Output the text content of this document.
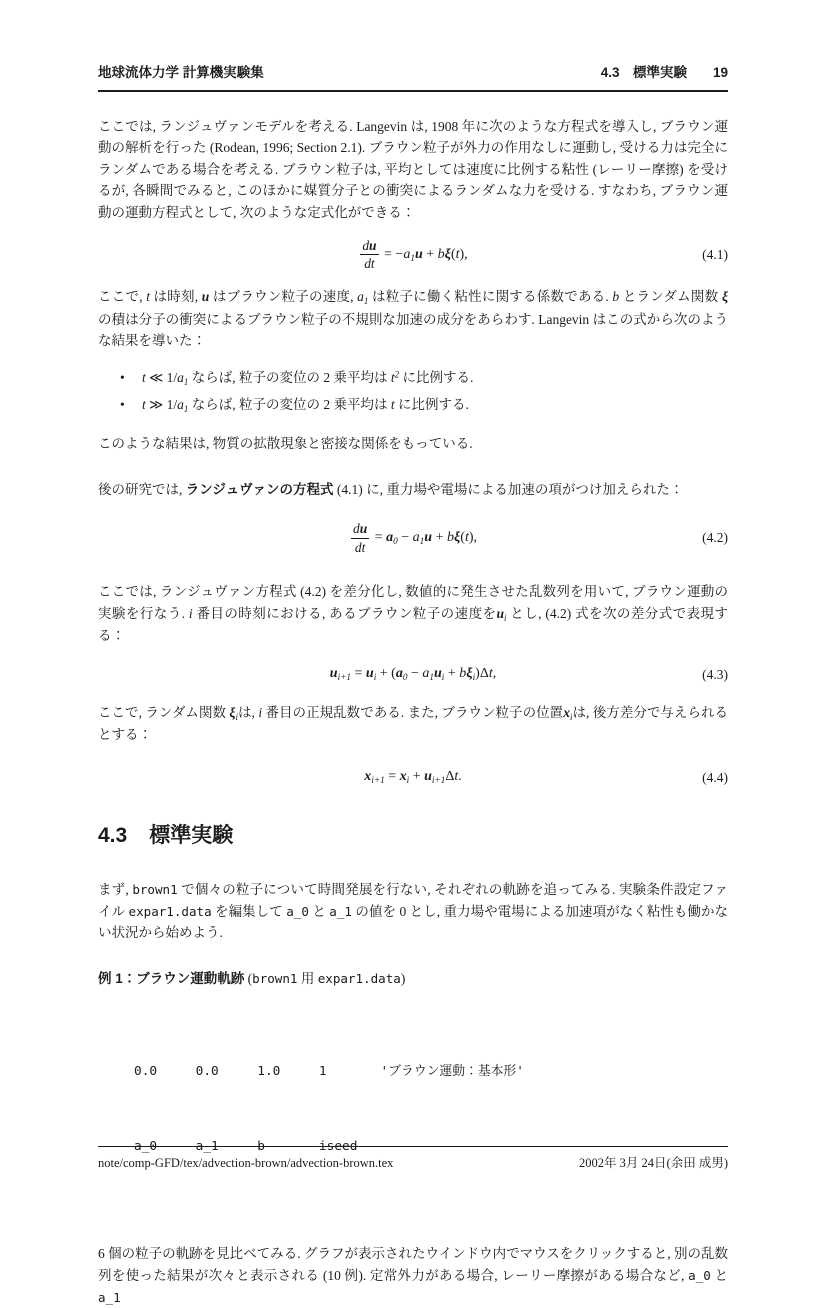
地球流体力学 計算機実験集	4.3　標準実験 19

ここでは, ランジュヴァンモデルを考える. Langevin は, 1908 年に次のような方程式を導入し, ブラウン運動の解析を行った (Rodean, 1996; Section 2.1). ブラウン粒子が外力の作用なしに運動し, 受ける力は完全にランダムである場合を考える. ブラウン粒子は, 平均としては速度に比例する粘性 (レーリー摩擦) を受けるが, 各瞬間でみると, このほかに媒質分子との衝突によるランダムな力を受ける. すなわち, ブラウン運動の運動方程式として, 次のような定式化ができる：

$\frac{du}{dt} = -a_1u + b\xi(t)$,	(4.1)

ここで, t は時刻, u はブラウン粒子の速度, $a_1$ は粒子に働く粘性に関する係数である. b とランダム関数 ξの積は分子の衝突によるブラウン粒子の不規則な加速の成分をあらわす. Langevin はこの式から次のような結果を導いた：

•	t ≪ $1/a_1$ ならば, 粒子の変位の 2 乗平均は $t^2$ に比例する.
•	t ≫ $1/a_1$ ならば, 粒子の変位の 2 乗平均は t に比例する.

このような結果は, 物質の拡散現象と密接な関係をもっている.

後の研究では, ランジュヴァンの方程式 (4.1) に, 重力場や電場による加速の項がつけ加えられた：

$\frac{du}{dt} = a_0 - a_1u + b\xi(t)$,	(4.2)

ここでは, ランジュヴァン方程式 (4.2) を差分化し, 数値的に発生させた乱数列を用いて, ブラウン運動の実験を行なう. i 番目の時刻における, あるブラウン粒子の速度を$u_i$ とし, (4.2) 式を次の差分式で表現する：

$u_{i+1} = u_i + (a_0 - a_1u_i + b\xi_i)\Delta t$,	(4.3)

ここで, ランダム関数 $\xi_i$は, i 番目の正規乱数である. また, ブラウン粒子の位置$x_i$は, 後方差分で与えられるとする：

$x_{i+1} = x_i + u_{i+1}\Delta t$.	(4.4)
4.3 標準実験

まず, brown1 で個々の粒子について時間発展を行ない, それぞれの軌跡を追ってみる. 実験条件設定ファイル expar1.data を編集して a_0 と a_1 の値を 0 とし, 重力場や電場による加速項がなく粘性も働かない状況から始めよう.

例 1：ブラウン運動軌跡 (brown1 用 expar1.data)

0.0     0.0     1.0     1       'ブラウン運動：基本形'

a_0     a_1     b       iseed

6 個の粒子の軌跡を見比べてみる. グラフが表示されたウインドウ内でマウスをクリックすると, 別の乱数列を使った結果が次々と表示される (10 例). 定常外力がある場合, レーリー摩擦がある場合など, a_0 と a_1

note/comp-GFD/tex/advection-brown/advection-brown.tex	2002年 3月 24日(余田 成男)
